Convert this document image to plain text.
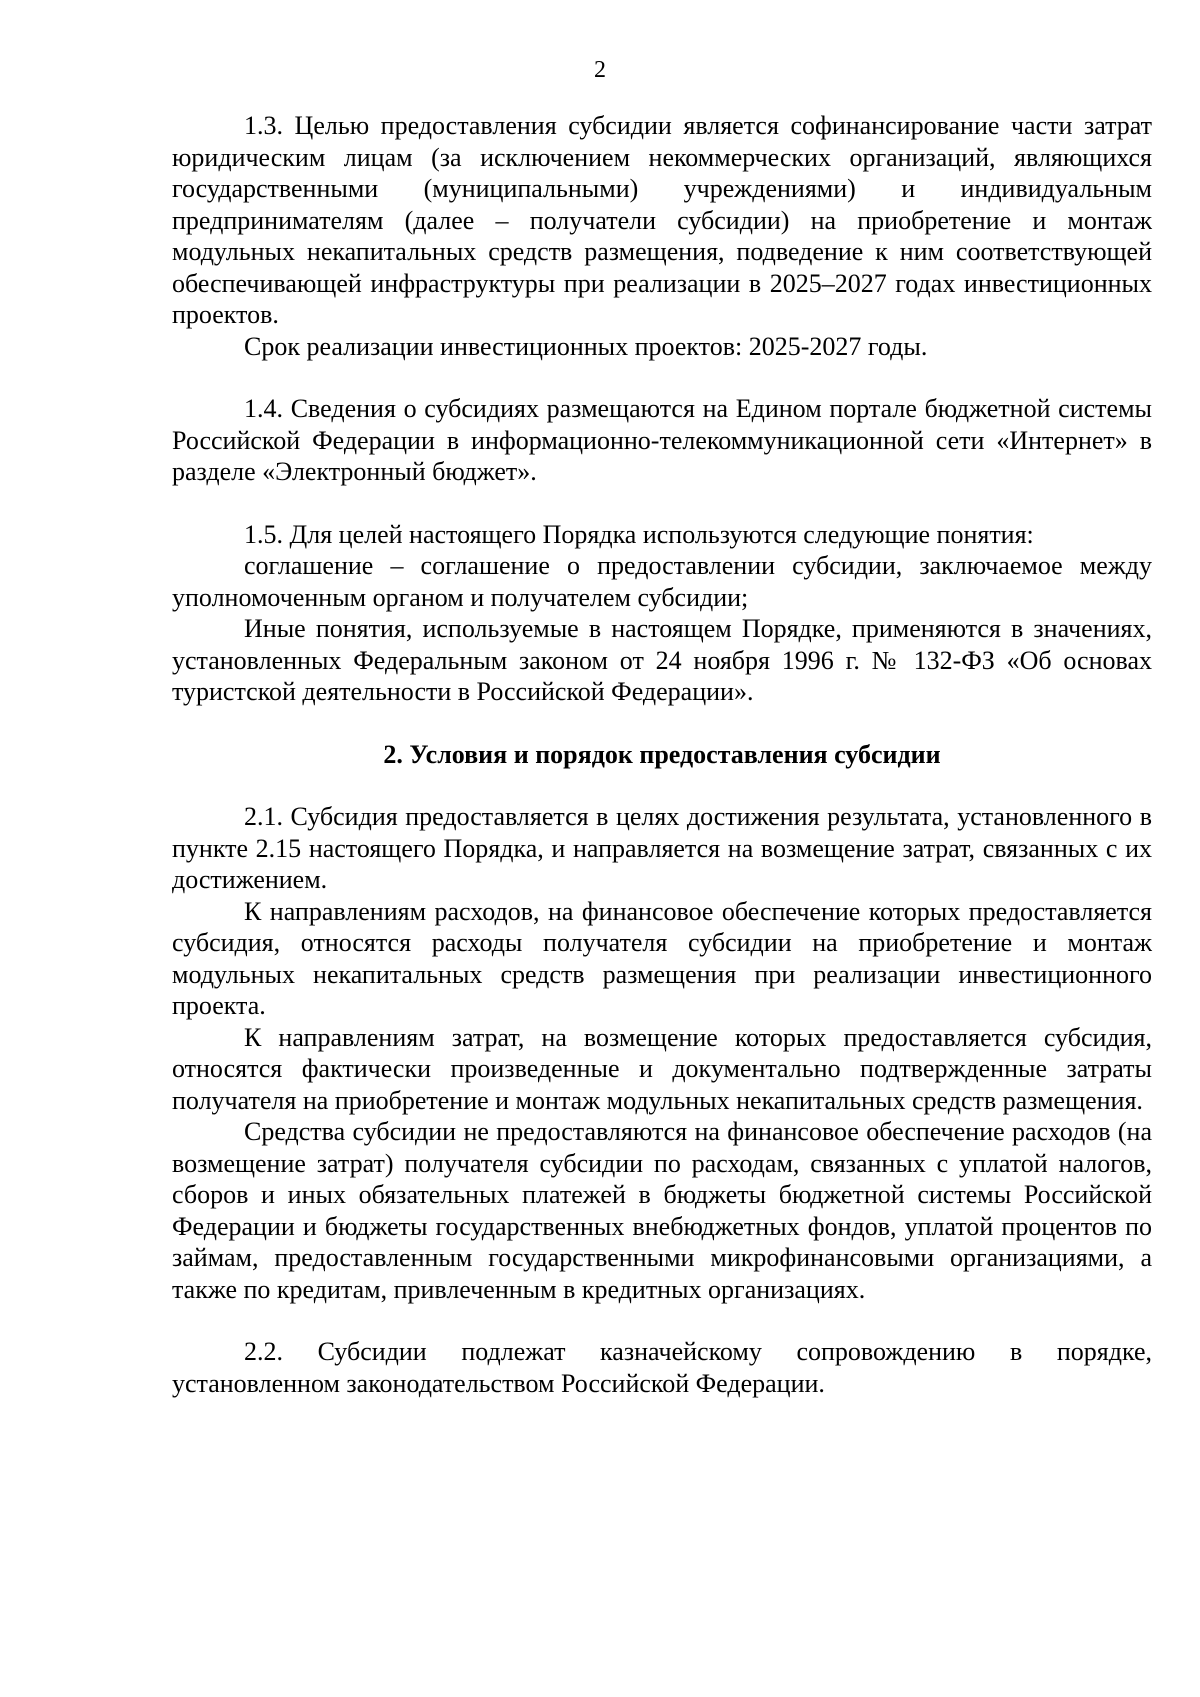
2

1.3. Целью предоставления субсидии является софинансирование части затрат юридическим лицам (за исключением некоммерческих организаций, являющихся государственными (муниципальными) учреждениями) и индивидуальным предпринимателям (далее – получатели субсидии) на приобретение и монтаж модульных некапитальных средств размещения, подведение к ним соответствующей обеспечивающей инфраструктуры при реализации в 2025–2027 годах инвестиционных проектов.

Срок реализации инвестиционных проектов: 2025-2027 годы.

1.4. Сведения о субсидиях размещаются на Едином портале бюджетной системы Российской Федерации в информационно-телекоммуникационной сети «Интернет» в разделе «Электронный бюджет».

1.5. Для целей настоящего Порядка используются следующие понятия:

соглашение – соглашение о предоставлении субсидии, заключаемое между уполномоченным органом и получателем субсидии;

Иные понятия, используемые в настоящем Порядке, применяются в значениях, установленных Федеральным законом от 24 ноября 1996 г. № 132-ФЗ «Об основах туристской деятельности в Российской Федерации».

2. Условия и порядок предоставления субсидии

2.1. Субсидия предоставляется в целях достижения результата, установленного в пункте 2.15 настоящего Порядка, и направляется на возмещение затрат, связанных с их достижением.

К направлениям расходов, на финансовое обеспечение которых предоставляется субсидия, относятся расходы получателя субсидии на приобретение и монтаж модульных некапитальных средств размещения при реализации инвестиционного проекта.

К направлениям затрат, на возмещение которых предоставляется субсидия, относятся фактически произведенные и документально подтвержденные затраты получателя на приобретение и монтаж модульных некапитальных средств размещения.

Средства субсидии не предоставляются на финансовое обеспечение расходов (на возмещение затрат) получателя субсидии по расходам, связанных с уплатой налогов, сборов и иных обязательных платежей в бюджеты бюджетной системы Российской Федерации и бюджеты государственных внебюджетных фондов, уплатой процентов по займам, предоставленным государственными микрофинансовыми организациями, а также по кредитам, привлеченным в кредитных организациях.

2.2. Субсидии подлежат казначейскому сопровождению в порядке, установленном законодательством Российской Федерации.
